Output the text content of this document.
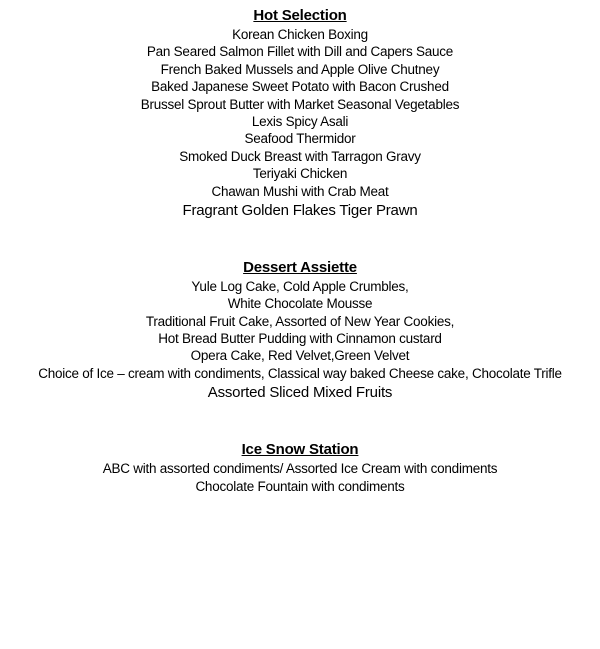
Hot Selection
Korean Chicken Boxing
Pan Seared Salmon Fillet with Dill and Capers Sauce
French Baked Mussels and Apple Olive Chutney
Baked Japanese Sweet Potato with Bacon Crushed
Brussel Sprout Butter with Market Seasonal Vegetables
Lexis Spicy Asali
Seafood Thermidor
Smoked Duck Breast with Tarragon Gravy
Teriyaki Chicken
Chawan Mushi with Crab Meat
Fragrant Golden Flakes Tiger Prawn
Dessert Assiette
Yule Log Cake, Cold Apple Crumbles,
White Chocolate Mousse
Traditional Fruit Cake, Assorted of New Year Cookies,
Hot Bread Butter Pudding with Cinnamon custard
Opera Cake, Red Velvet,Green Velvet
Choice of Ice – cream with condiments, Classical way baked Cheese cake, Chocolate Trifle
Assorted Sliced Mixed Fruits
Ice Snow Station
ABC with assorted condiments/ Assorted Ice Cream with condiments
Chocolate Fountain with condiments
